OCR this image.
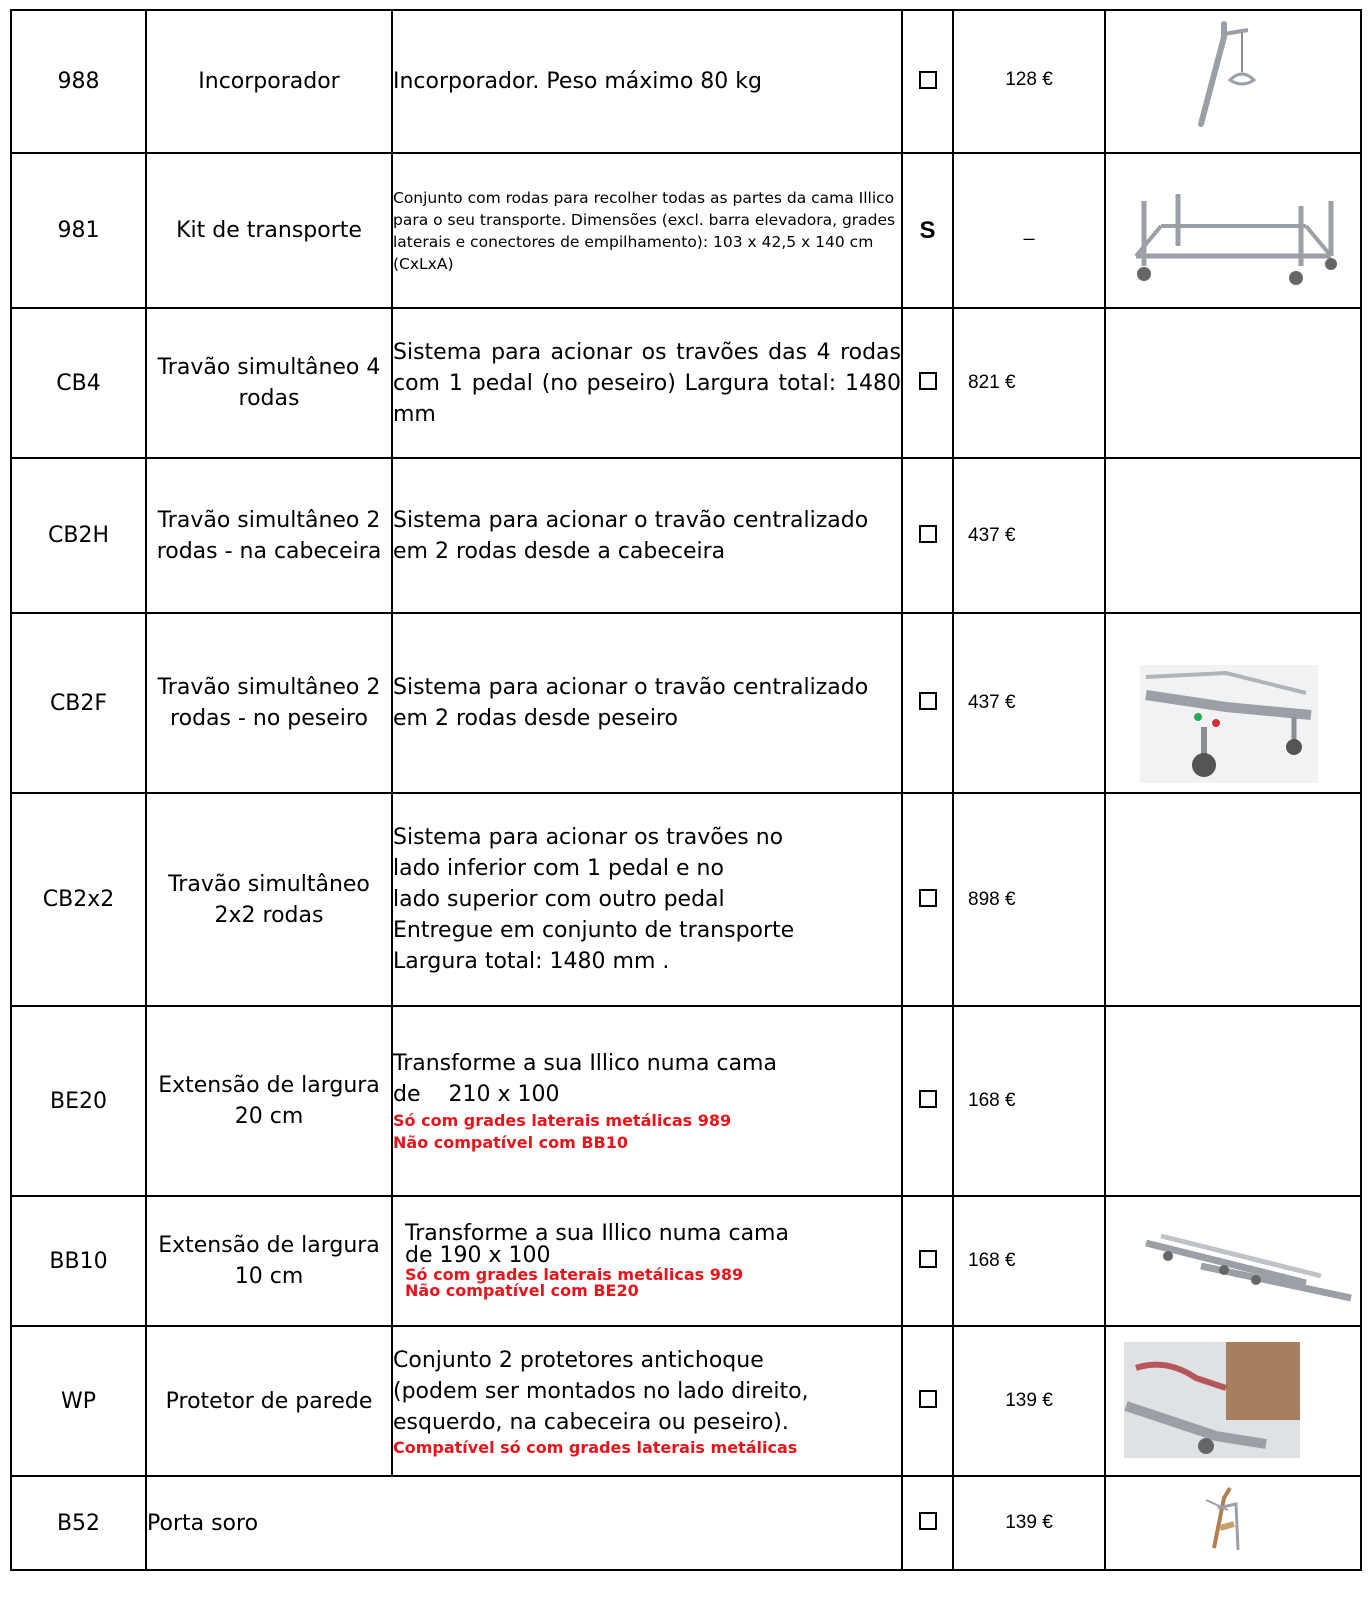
988	Incorporador	Incorporador. Peso máximo 80 kg		128 €	

981	Kit de transporte	Conjunto com rodas para recolher todas as partes da cama Illico para o seu transporte. Dimensões (excl. barra elevadora, grades laterais e conectores de empilhamento): 103 x 42,5 x 140 cm (CxLxA)	S	_	

CB4	Travão simultâneo 4 rodas	Sistema para acionar os travões das 4 rodas com 1 pedal (no peseiro) Largura total: 1480 mm		821 €	
CB2H	Travão simultâneo 2 rodas - na cabeceira	Sistema para acionar o travão centralizado em 2 rodas desde a cabeceira		437 €	
CB2F	Travão simultâneo 2 rodas - no peseiro	Sistema para acionar o travão centralizado em 2 rodas desde peseiro		437 €	

CB2x2	Travão simultâneo 2x2 rodas	Sistema para acionar os travões no
lado inferior com 1 pedal e no
lado superior com outro pedal
Entregue em conjunto de transporte
Largura total: 1480 mm .		898 €	
BE20	Extensão de largura 20 cm	Transforme a sua Illico numa cama
de    210 x 100
Só com grades laterais metálicas 989
Não compatível com BB10		168 €	
BB10	Extensão de largura 10 cm	Transforme a sua Illico numa cama
de 190 x 100
Só com grades laterais metálicas 989
Não compatível com BE20		168 €	

WP	Protetor de parede	Conjunto 2 protetores antichoque
(podem ser montados no lado direito,
esquerdo, na cabeceira ou peseiro).
Compatível só com grades laterais metálicas		139 €	

B52	Porta soro			139 €	
